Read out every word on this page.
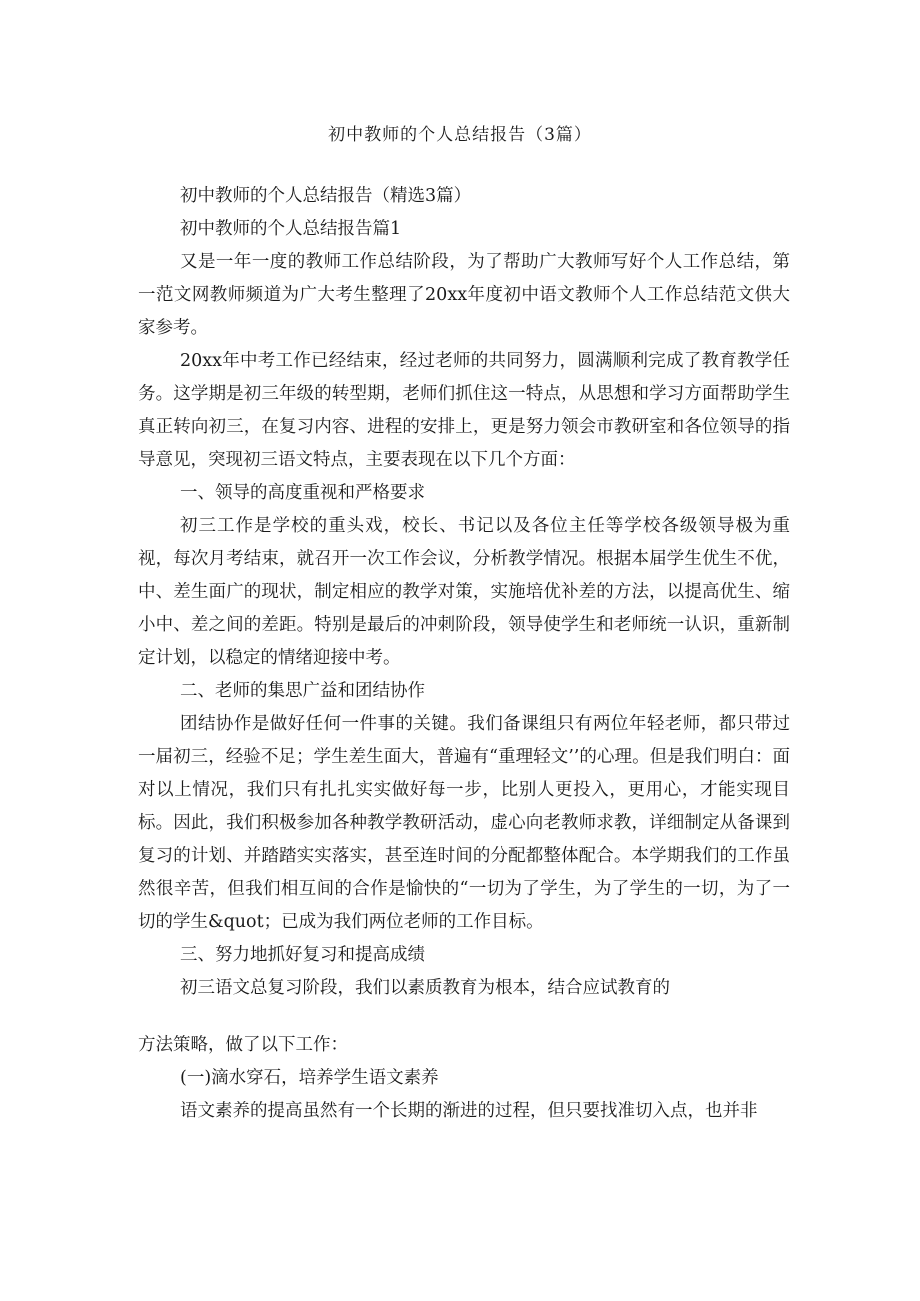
初中教师的个人总结报告（3篇）

初中教师的个人总结报告（精选3篇）

初中教师的个人总结报告篇1

又是一年一度的教师工作总结阶段，为了帮助广大教师写好个人工作总结，第一范文网教师频道为广大考生整理了20xx年度初中语文教师个人工作总结范文供大家参考。

20xx年中考工作已经结束，经过老师的共同努力，圆满顺利完成了教育教学任务。这学期是初三年级的转型期，老师们抓住这一特点，从思想和学习方面帮助学生真正转向初三，在复习内容、进程的安排上，更是努力领会市教研室和各位领导的指导意见，突现初三语文特点，主要表现在以下几个方面：

一、领导的高度重视和严格要求

初三工作是学校的重头戏，校长、书记以及各位主任等学校各级领导极为重视，每次月考结束，就召开一次工作会议，分析教学情况。根据本届学生优生不优，中、差生面广的现状，制定相应的教学对策，实施培优补差的方法，以提高优生、缩小中、差之间的差距。特别是最后的冲刺阶段，领导使学生和老师统一认识，重新制定计划，以稳定的情绪迎接中考。

二、老师的集思广益和团结协作

团结协作是做好任何一件事的关键。我们备课组只有两位年轻老师，都只带过一届初三，经验不足；学生差生面大，普遍有“重理轻文’’的心理。但是我们明白：面对以上情况，我们只有扎扎实实做好每一步，比别人更投入，更用心，才能实现目标。因此，我们积极参加各种教学教研活动，虚心向老教师求教，详细制定从备课到复习的计划、并踏踏实实落实，甚至连时间的分配都整体配合。本学期我们的工作虽然很辛苦，但我们相互间的合作是愉快的“一切为了学生，为了学生的一切，为了一切的学生&quot；已成为我们两位老师的工作目标。

三、努力地抓好复习和提高成绩

初三语文总复习阶段，我们以素质教育为根本，结合应试教育的

方法策略，做了以下工作：

(一)滴水穿石，培养学生语文素养

语文素养的提高虽然有一个长期的渐进的过程，但只要找准切入点，也并非
